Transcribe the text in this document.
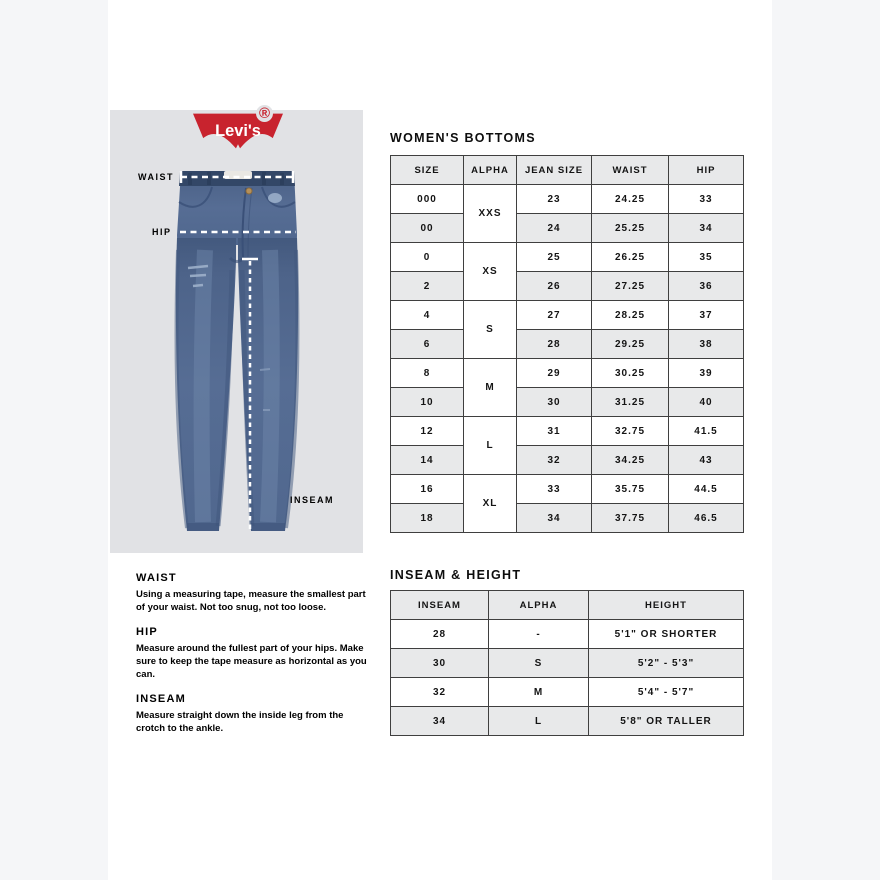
Levi's
®
WAIST
HIP
INSEAM
WAIST
Using a measuring tape, measure the smallest part of your waist. Not too snug, not too loose.
HIP
Measure around the fullest part of your hips. Make sure to keep the tape measure as horizontal as you can.
INSEAM
Measure straight down the inside leg from the crotch to the ankle.
WOMEN'S BOTTOMS
SIZE	ALPHA	JEAN SIZE	WAIST	HIP
000	XXS	23	24.25	33
00		24	25.25	34
0	XS	25	26.25	35
2		26	27.25	36
4	S	27	28.25	37
6		28	29.25	38
8	M	29	30.25	39
10		30	31.25	40
12	L	31	32.75	41.5
14		32	34.25	43
16	XL	33	35.75	44.5
18		34	37.75	46.5
INSEAM & HEIGHT
INSEAM	ALPHA	HEIGHT
28	-	5'1" OR SHORTER
30	S	5'2" - 5'3"
32	M	5'4" - 5'7"
34	L	5'8" OR TALLER
